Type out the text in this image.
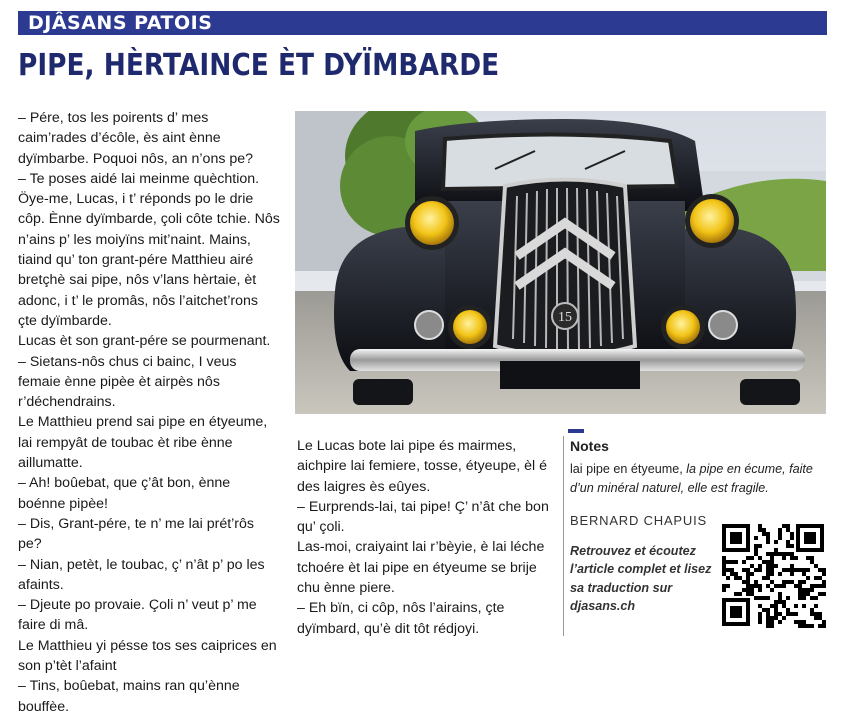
DJÂSANS PATOIS
PIPE, HÈRTAINCE ÈT DYÏMBARDE

– Pére, tos les poirents d’ mes caim’rades d’écôle, ès aint ènne dyïmbarbe. Poquoi nôs, an n’ons pe?

– Te poses aidé lai meinme quèchtion. Öye-me, Lucas, i t’ réponds po le drie côp. Ènne dyïmbarde, çoli côte tchie. Nôs n’ains p’ les moiyïns mit’naint. Mains, tiaind qu’ ton grant-pére Matthieu airé bretçhè sai pipe, nôs v’lans hèrtaie, èt adonc, i t’ le promâs, nôs l’aitchet’rons çte dyïmbarde.

Lucas èt son grant-pére se pourmenant.

– Sietans-nôs chus ci bainc, I veus femaie ènne pipèe èt airpès nôs r’déchendrains.

Le Matthieu prend sai pipe en étyeume, lai rempyât de toubac èt ribe ènne aillumatte.

– Ah! boûebat, que ç’ât bon, ènne boénne pipèe!

– Dis, Grant-pére, te n’ me lai prét’rôs pe?

– Nian, petèt, le toubac, ç’ n’ât p’ po les afaints.

– Djeute po provaie. Çoli n’ veut p’ me faire di mâ.

Le Matthieu yi pésse tos ses caiprices en son p’tèt l’afaint

– Tins, boûebat, mains ran qu’ènne bouffèe.

15

Le Lucas bote lai pipe és mairmes, aichpire lai femiere, tosse, étyeupe, èl é des laigres ès eûyes.

– Eurprends-lai, tai pipe! Ç’ n’ât che bon qu’ çoli.

Las-moi, craiyaint lai r’bèyie, è lai léche tchoére èt lai pipe en étyeume se brije chu ènne piere.

– Eh bïn, ci côp, nôs l’airains, çte dyïmbard, qu’è dit tôt rédjoyi.

Notes
lai pipe en étyeume, la pipe en écume, faite d’un minéral naturel, elle est fragile.
BERNARD CHAPUIS
Retrouvez et écoutez l’article complet et lisez sa traduction sur djasans.ch
